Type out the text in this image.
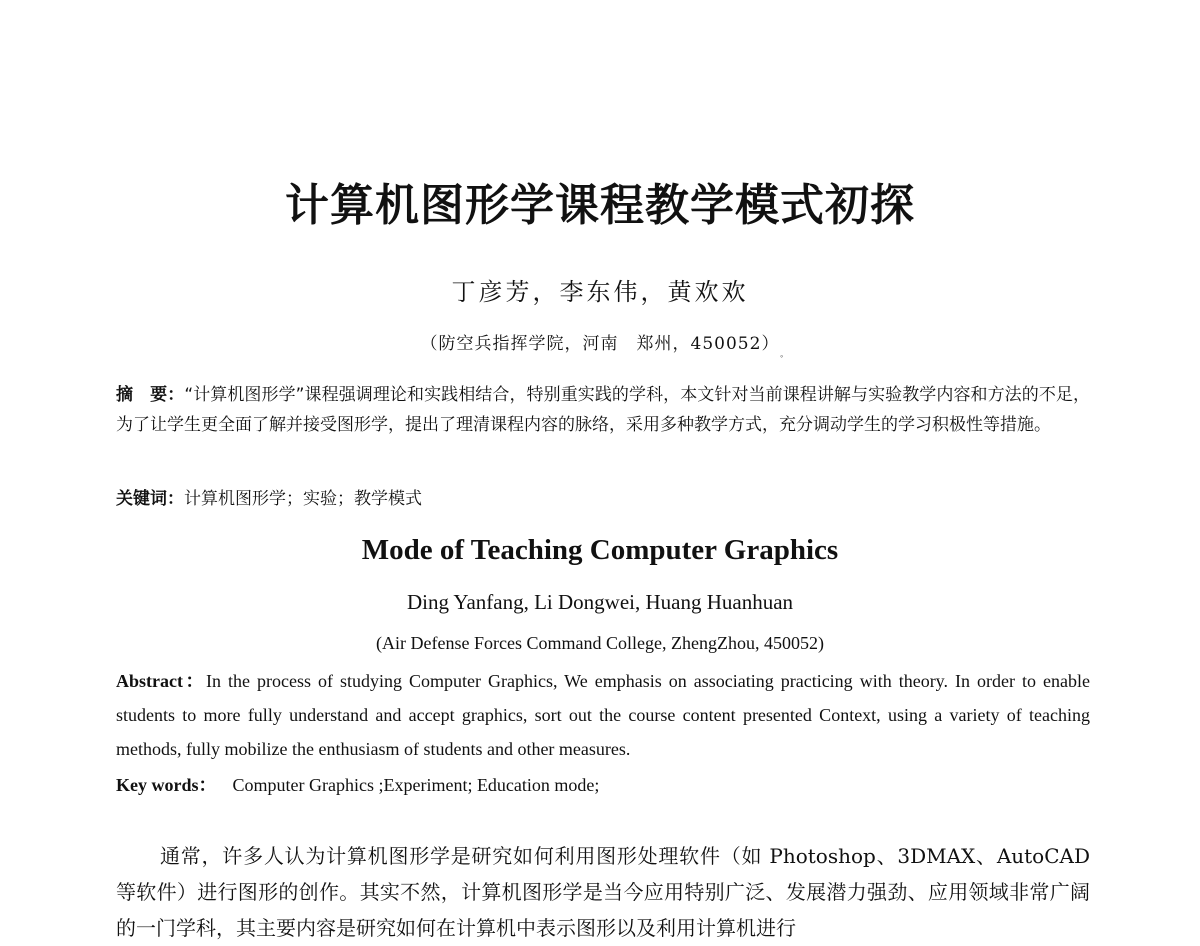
计算机图形学课程教学模式初探
丁彦芳，李东伟，黄欢欢
（防空兵指挥学院，河南　郑州，450052）
◦
摘　要：“计算机图形学”课程强调理论和实践相结合，特别重实践的学科，本文针对当前课程讲解与实验教学内容和方法的不足，为了让学生更全面了解并接受图形学，提出了理清课程内容的脉络，采用多种教学方式，充分调动学生的学习积极性等措施。
关键词：计算机图形学；实验；教学模式
Mode of Teaching Computer Graphics
Ding Yanfang, Li Dongwei, Huang Huanhuan
(Air Defense Forces Command College, ZhengZhou, 450052)
Abstract：In the process of studying Computer Graphics, We emphasis on associating practicing with theory. In order to enable students to more fully understand and accept graphics, sort out the course content presented Context, using a variety of teaching methods, fully mobilize the enthusiasm of students and other measures.
Key words： Computer Graphics ;Experiment; Education mode;

通常，许多人认为计算机图形学是研究如何利用图形处理软件（如 Photoshop、3DMAX、AutoCAD 等软件）进行图形的创作。其实不然，计算机图形学是当今应用特别广泛、发展潜力强劲、应用领域非常广阔的一门学科，其主要内容是研究如何在计算机中表示图形以及利用计算机进行
